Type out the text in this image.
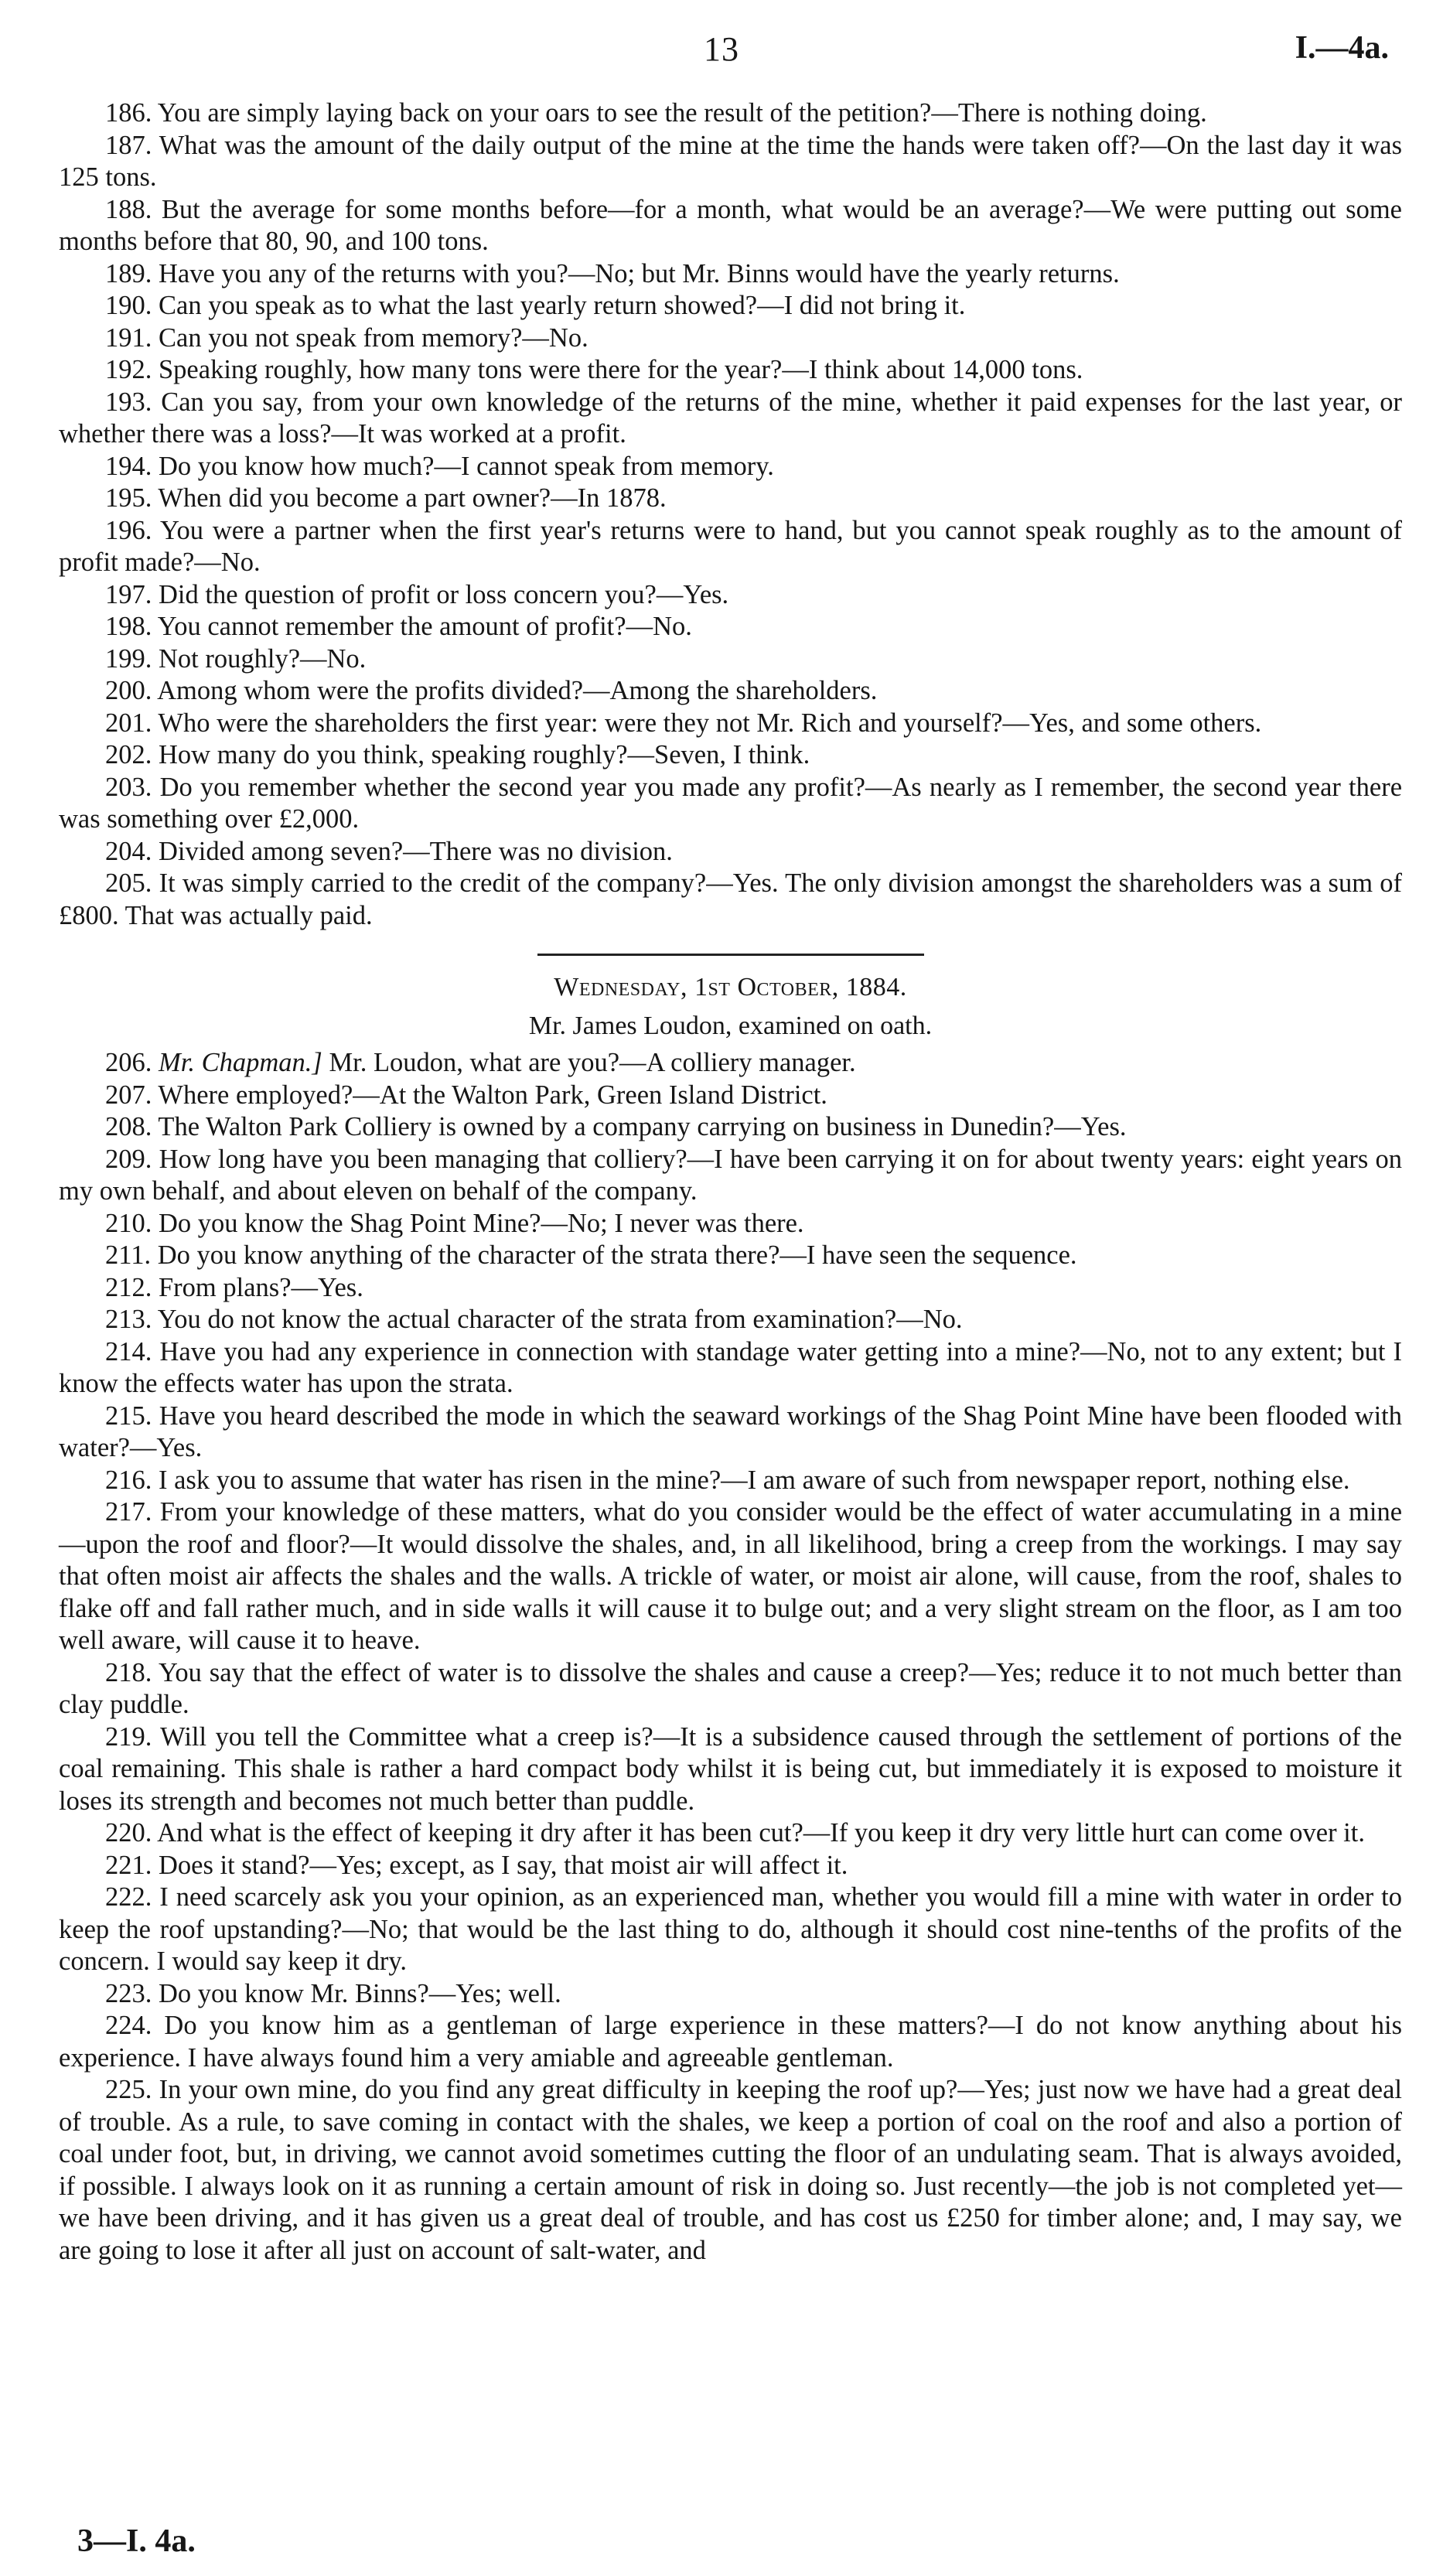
13	I.—4a.

186. You are simply laying back on your oars to see the result of the petition?—There is nothing doing.

187. What was the amount of the daily output of the mine at the time the hands were taken off?—On the last day it was 125 tons.

188. But the average for some months before—for a month, what would be an average?—We were putting out some months before that 80, 90, and 100 tons.

189. Have you any of the returns with you?—No; but Mr. Binns would have the yearly returns.

190. Can you speak as to what the last yearly return showed?—I did not bring it.

191. Can you not speak from memory?—No.

192. Speaking roughly, how many tons were there for the year?—I think about 14,000 tons.

193. Can you say, from your own knowledge of the returns of the mine, whether it paid expenses for the last year, or whether there was a loss?—It was worked at a profit.

194. Do you know how much?—I cannot speak from memory.

195. When did you become a part owner?—In 1878.

196. You were a partner when the first year's returns were to hand, but you cannot speak roughly as to the amount of profit made?—No.

197. Did the question of profit or loss concern you?—Yes.

198. You cannot remember the amount of profit?—No.

199. Not roughly?—No.

200. Among whom were the profits divided?—Among the shareholders.

201. Who were the shareholders the first year: were they not Mr. Rich and yourself?—Yes, and some others.

202. How many do you think, speaking roughly?—Seven, I think.

203. Do you remember whether the second year you made any profit?—As nearly as I remember, the second year there was something over £2,000.

204. Divided among seven?—There was no division.

205. It was simply carried to the credit of the company?—Yes. The only division amongst the shareholders was a sum of £800. That was actually paid.

Wednesday, 1st October, 1884.
Mr. James Loudon, examined on oath.

206. Mr. Chapman.] Mr. Loudon, what are you?—A colliery manager.

207. Where employed?—At the Walton Park, Green Island District.

208. The Walton Park Colliery is owned by a company carrying on business in Dunedin?—Yes.

209. How long have you been managing that colliery?—I have been carrying it on for about twenty years: eight years on my own behalf, and about eleven on behalf of the company.

210. Do you know the Shag Point Mine?—No; I never was there.

211. Do you know anything of the character of the strata there?—I have seen the sequence.

212. From plans?—Yes.

213. You do not know the actual character of the strata from examination?—No.

214. Have you had any experience in connection with standage water getting into a mine?—No, not to any extent; but I know the effects water has upon the strata.

215. Have you heard described the mode in which the seaward workings of the Shag Point Mine have been flooded with water?—Yes.

216. I ask you to assume that water has risen in the mine?—I am aware of such from newspaper report, nothing else.

217. From your knowledge of these matters, what do you consider would be the effect of water accumulating in a mine—upon the roof and floor?—It would dissolve the shales, and, in all likelihood, bring a creep from the workings. I may say that often moist air affects the shales and the walls. A trickle of water, or moist air alone, will cause, from the roof, shales to flake off and fall rather much, and in side walls it will cause it to bulge out; and a very slight stream on the floor, as I am too well aware, will cause it to heave.

218. You say that the effect of water is to dissolve the shales and cause a creep?—Yes; reduce it to not much better than clay puddle.

219. Will you tell the Committee what a creep is?—It is a subsidence caused through the settlement of portions of the coal remaining. This shale is rather a hard compact body whilst it is being cut, but immediately it is exposed to moisture it loses its strength and becomes not much better than puddle.

220. And what is the effect of keeping it dry after it has been cut?—If you keep it dry very little hurt can come over it.

221. Does it stand?—Yes; except, as I say, that moist air will affect it.

222. I need scarcely ask you your opinion, as an experienced man, whether you would fill a mine with water in order to keep the roof upstanding?—No; that would be the last thing to do, although it should cost nine-tenths of the profits of the concern. I would say keep it dry.

223. Do you know Mr. Binns?—Yes; well.

224. Do you know him as a gentleman of large experience in these matters?—I do not know anything about his experience. I have always found him a very amiable and agreeable gentleman.

225. In your own mine, do you find any great difficulty in keeping the roof up?—Yes; just now we have had a great deal of trouble. As a rule, to save coming in contact with the shales, we keep a portion of coal on the roof and also a portion of coal under foot, but, in driving, we cannot avoid sometimes cutting the floor of an undulating seam. That is always avoided, if possible. I always look on it as running a certain amount of risk in doing so. Just recently—the job is not completed yet—we have been driving, and it has given us a great deal of trouble, and has cost us £250 for timber alone; and, I may say, we are going to lose it after all just on account of salt-water, and

3—I. 4a.
